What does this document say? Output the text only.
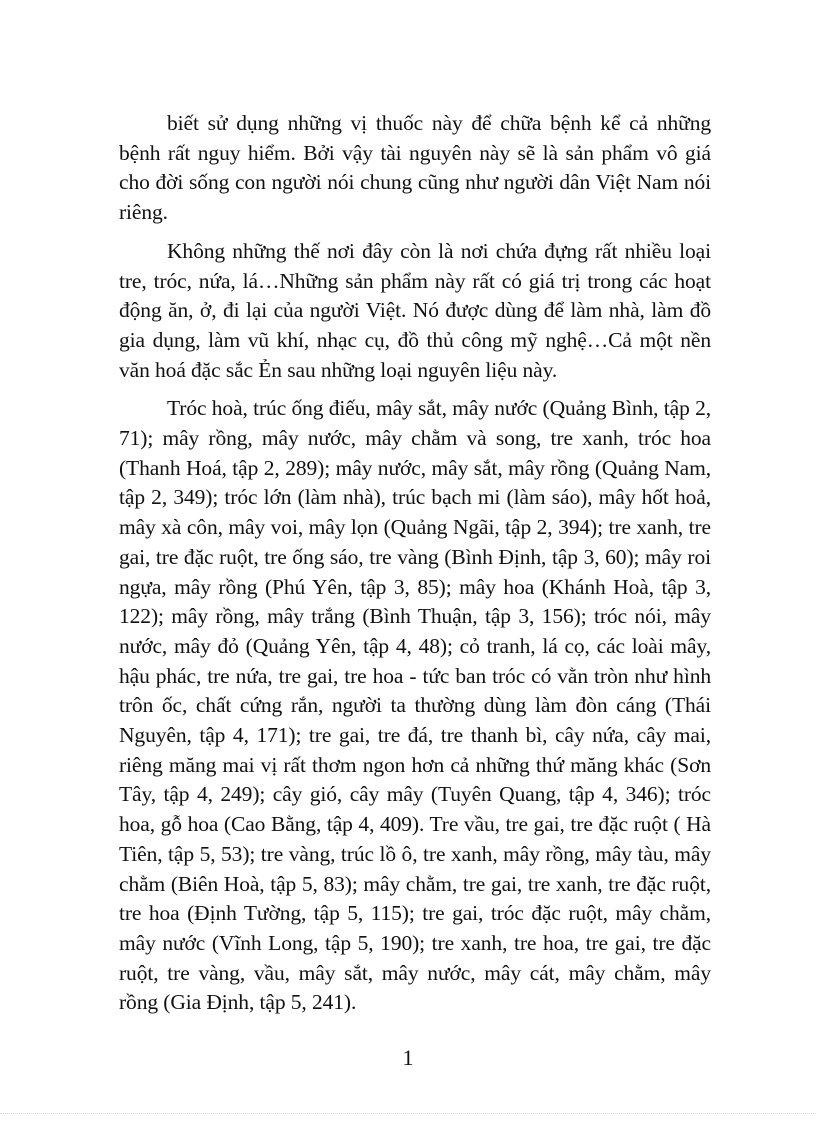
biết sử dụng những vị thuốc này để chữa bệnh kể cả những bệnh rất nguy hiểm. Bởi vậy tài nguyên này sẽ là sản phẩm vô giá cho đời sống con người nói chung cũng như người dân Việt Nam nói riêng.

Không những thế nơi đây còn là nơi chứa đựng rất nhiều loại tre, tróc, nứa, lá…Những sản phẩm này rất có giá trị trong các hoạt động ăn, ở, đi lại của người Việt. Nó được dùng để làm nhà, làm đồ gia dụng, làm vũ khí, nhạc cụ, đồ thủ công mỹ nghệ…Cả một nền văn hoá đặc sắc Ẻn sau những loại nguyên liệu này.

Tróc hoà, trúc ống điếu, mây sắt, mây nước (Quảng Bình, tập 2, 71); mây rồng, mây nước, mây chằm và song, tre xanh, tróc hoa (Thanh Hoá, tập 2, 289); mây nước, mây sắt, mây rồng (Quảng Nam, tập 2, 349); tróc lớn (làm nhà), trúc bạch mi (làm sáo), mây hốt hoả, mây xà côn, mây voi, mây lọn (Quảng Ngãi, tập 2, 394); tre xanh, tre gai, tre đặc ruột, tre ống sáo, tre vàng (Bình Định, tập 3, 60); mây roi ngựa, mây rồng (Phú Yên, tập 3, 85); mây hoa (Khánh Hoà, tập 3, 122); mây rồng, mây trắng (Bình Thuận, tập 3, 156); tróc nói, mây nước, mây đỏ (Quảng Yên, tập 4, 48); cỏ tranh, lá cọ, các loài mây, hậu phác, tre nứa, tre gai, tre hoa - tức ban tróc có vằn tròn như hình trôn ốc, chất cứng rắn, người ta thường dùng làm đòn cáng (Thái Nguyên, tập 4, 171); tre gai, tre đá, tre thanh bì, cây nứa, cây mai, riêng măng mai vị rất thơm ngon hơn cả những thứ măng khác (Sơn Tây, tập 4, 249); cây gió, cây mây (Tuyên Quang, tập 4, 346); tróc hoa, gỗ hoa (Cao Bằng, tập 4, 409). Tre vầu, tre gai, tre đặc ruột ( Hà Tiên, tập 5, 53); tre vàng, trúc lồ ô, tre xanh, mây rồng, mây tàu, mây chằm (Biên Hoà, tập 5, 83); mây chằm, tre gai, tre xanh, tre đặc ruột, tre hoa (Định Tường, tập 5, 115); tre gai, tróc đặc ruột, mây chằm, mây nước (Vĩnh Long, tập 5, 190); tre xanh, tre hoa, tre gai, tre đặc ruột, tre vàng, vầu, mây sắt, mây nước, mây cát, mây chằm, mây rồng (Gia Định, tập 5, 241).

1
